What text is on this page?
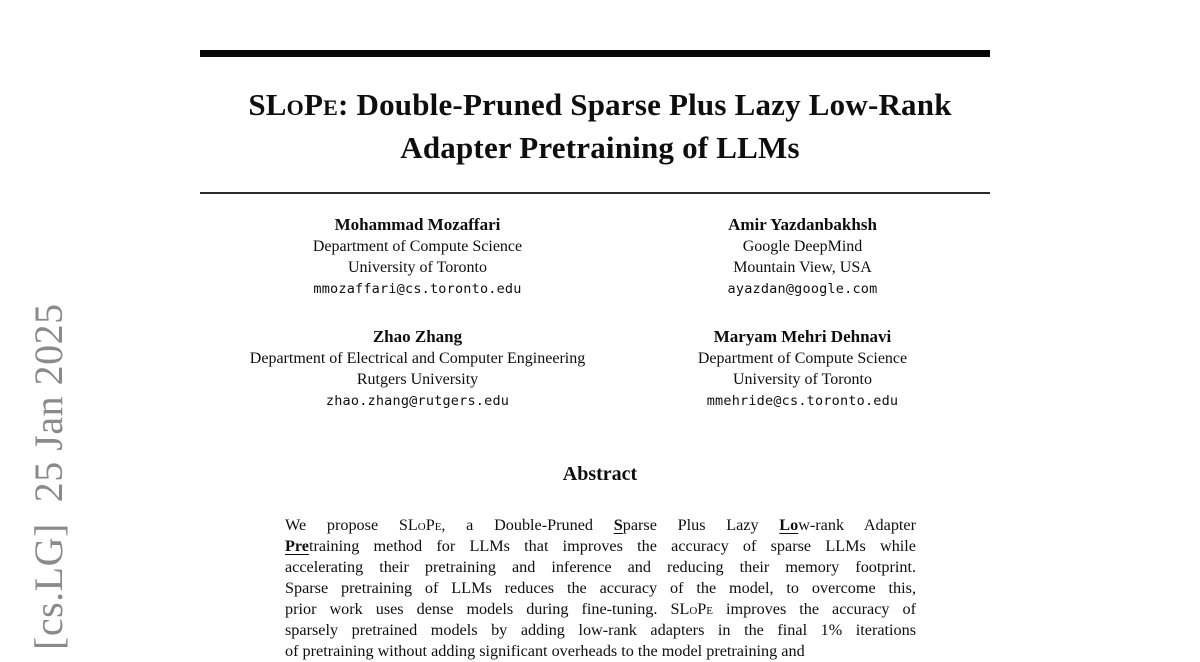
[cs.LG]  25 Jan 2025
SLoPe: Double-Pruned Sparse Plus Lazy Low-Rank
Adapter Pretraining of LLMs
Mohammad Mozaffari
Department of Compute Science
University of Toronto
mmozaffari@cs.toronto.edu
Amir Yazdanbakhsh
Google DeepMind
Mountain View, USA
ayazdan@google.com
Zhao Zhang
Department of Electrical and Computer Engineering
Rutgers University
zhao.zhang@rutgers.edu
Maryam Mehri Dehnavi
Department of Compute Science
University of Toronto
mmehride@cs.toronto.edu
Abstract
We propose SLoPe, a Double-Pruned Sparse Plus Lazy Low-rank Adapter
Pretraining method for LLMs that improves the accuracy of sparse LLMs while
accelerating their pretraining and inference and reducing their memory footprint.
Sparse pretraining of LLMs reduces the accuracy of the model, to overcome this,
prior work uses dense models during fine-tuning. SLoPe improves the accuracy of
sparsely pretrained models by adding low-rank adapters in the final 1% iterations
of pretraining without adding significant overheads to the model pretraining and
